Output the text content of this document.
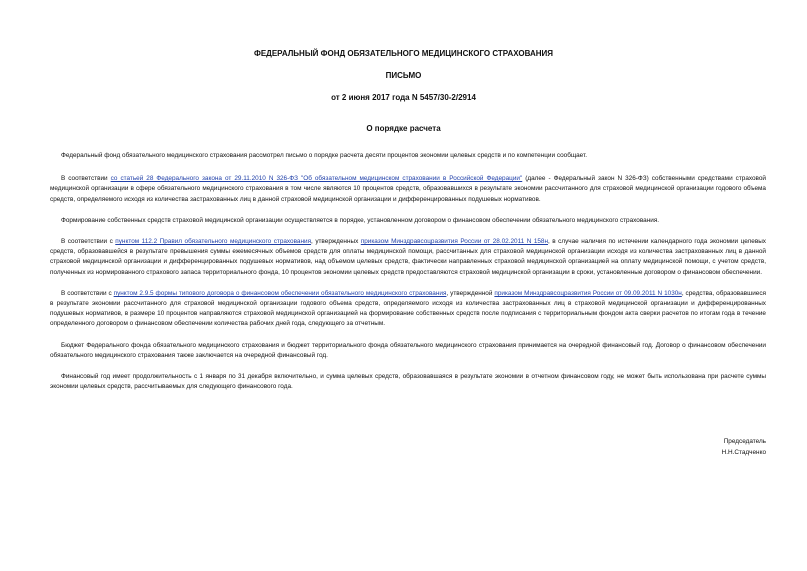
ФЕДЕРАЛЬНЫЙ ФОНД ОБЯЗАТЕЛЬНОГО МЕДИЦИНСКОГО СТРАХОВАНИЯ
ПИСЬМО
от 2 июня 2017 года N 5457/30-2/2914
О порядке расчета

Федеральный фонд обязательного медицинского страхования рассмотрел письмо о порядке расчета десяти процентов экономии целевых средств и по компетенции сообщает.

В соответствии со статьей 28 Федерального закона от 29.11.2010 N 326-ФЗ "Об обязательном медицинском страховании в Российской Федерации" (далее - Федеральный закон N 326-ФЗ) собственными средствами страховой медицинской организации в сфере обязательного медицинского страхования в том числе являются 10 процентов средств, образовавшихся в результате экономии рассчитанного для страховой медицинской организации годового объема средств, определяемого исходя из количества застрахованных лиц в данной страховой медицинской организации и дифференцированных подушевых нормативов.

Формирование собственных средств страховой медицинской организации осуществляется в порядке, установленном договором о финансовом обеспечении обязательного медицинского страхования.

В соответствии с пунктом 112.2 Правил обязательного медицинского страхования, утвержденных приказом Минздравсоцразвития России от 28.02.2011 N 158н, в случае наличия по истечении календарного года экономии целевых средств, образовавшейся в результате превышения суммы ежемесячных объемов средств для оплаты медицинской помощи, рассчитанных для страховой медицинской организации исходя из количества застрахованных лиц в данной страховой медицинской организации и дифференцированных подушевых нормативов, над объемом целевых средств, фактически направленных страховой медицинской организацией на оплату медицинской помощи, с учетом средств, полученных из нормированного страхового запаса территориального фонда, 10 процентов экономии целевых средств предоставляются страховой медицинской организации в сроки, установленные договором о финансовом обеспечении.

В соответствии с пунктом 2.9.5 формы типового договора о финансовом обеспечении обязательного медицинского страхования, утвержденной приказом Минздравсоцразвития России от 09.09.2011 N 1030н, средства, образовавшиеся в результате экономии рассчитанного для страховой медицинской организации годового объема средств, определяемого исходя из количества застрахованных лиц в страховой медицинской организации и дифференцированных подушевых нормативов, в размере 10 процентов направляются страховой медицинской организацией на формирование собственных средств после подписания с территориальным фондом акта сверки расчетов по итогам года в течение определенного договором о финансовом обеспечении количества рабочих дней года, следующего за отчетным.

Бюджет Федерального фонда обязательного медицинского страхования и бюджет территориального фонда обязательного медицинского страхования принимается на очередной финансовый год. Договор о финансовом обеспечении обязательного медицинского страхования также заключается на очередной финансовый год.

Финансовый год имеет продолжительность с 1 января по 31 декабря включительно, и сумма целевых средств, образовавшаяся в результате экономии в отчетном финансовом году, не может быть использована при расчете суммы экономии целевых средств, рассчитываемых для следующего финансового года.

Председатель
Н.Н.Стадченко
